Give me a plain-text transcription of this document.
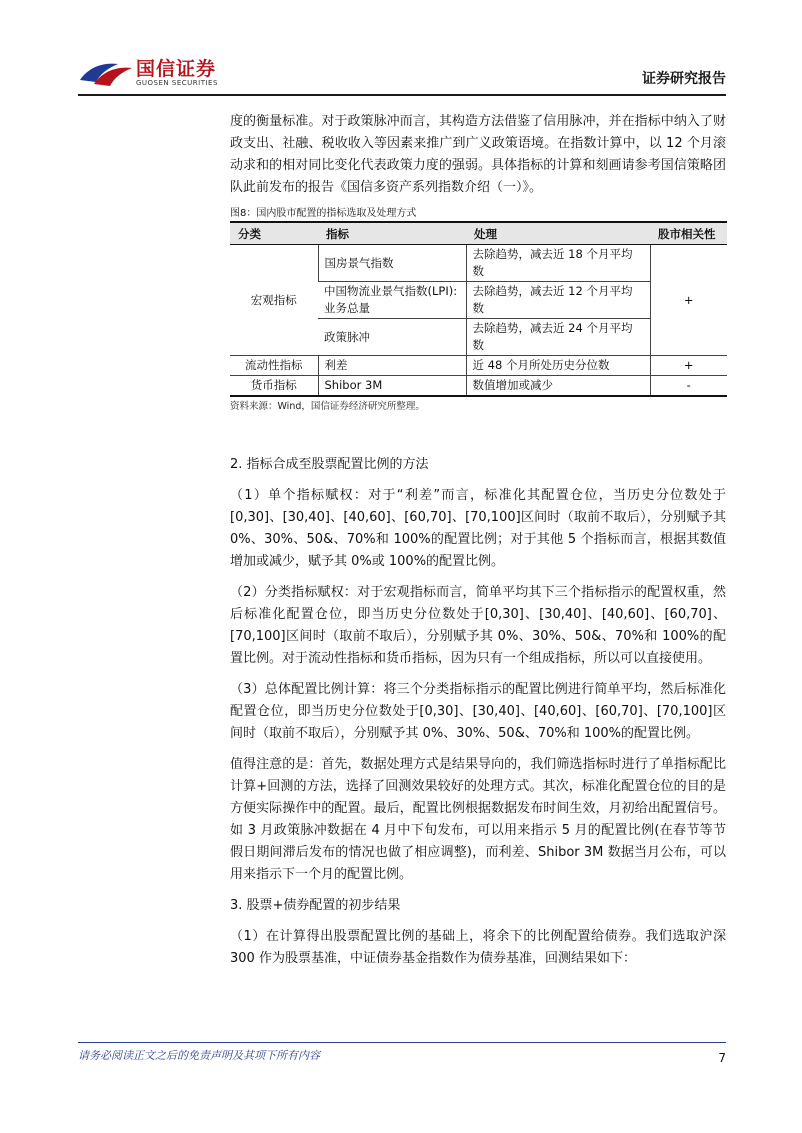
国信证券
GUOSEN SECURITIES	证券研究报告

度的衡量标准。对于政策脉冲而言，其构造方法借鉴了信用脉冲，并在指标中纳入了财政支出、社融、税收收入等因素来推广到广义政策语境。在指数计算中，以 12 个月滚动求和的相对同比变化代表政策力度的强弱。具体指标的计算和刻画请参考国信策略团队此前发布的报告《国信多资产系列指数介绍（一）》。

图8：国内股市配置的指标选取及处理方式

分类	指标	处理	股市相关性
宏观指标	国房景气指数	去除趋势，减去近 18 个月平均数	+
	中国物流业景气指数(LPI):业务总量	去除趋势，减去近 12 个月平均数	
	政策脉冲	去除趋势，减去近 24 个月平均数	
流动性指标	利差	近 48 个月所处历史分位数	+
货币指标	Shibor 3M	数值增加或减少	-

资料来源：Wind，国信证券经济研究所整理。

2. 指标合成至股票配置比例的方法

（1）单个指标赋权：对于“利差”而言，标准化其配置仓位，当历史分位数处于[0,30]、[30,40]、[40,60]、[60,70]、[70,100]区间时（取前不取后），分别赋予其 0%、30%、50&、70%和 100%的配置比例；对于其他 5 个指标而言，根据其数值增加或减少，赋予其 0%或 100%的配置比例。

（2）分类指标赋权：对于宏观指标而言，简单平均其下三个指标指示的配置权重，然后标准化配置仓位，即当历史分位数处于[0,30]、[30,40]、[40,60]、[60,70]、[70,100]区间时（取前不取后），分别赋予其 0%、30%、50&、70%和 100%的配置比例。对于流动性指标和货币指标，因为只有一个组成指标，所以可以直接使用。

（3）总体配置比例计算：将三个分类指标指示的配置比例进行简单平均，然后标准化配置仓位，即当历史分位数处于[0,30]、[30,40]、[40,60]、[60,70]、[70,100]区间时（取前不取后），分别赋予其 0%、30%、50&、70%和 100%的配置比例。

值得注意的是：首先，数据处理方式是结果导向的，我们筛选指标时进行了单指标配比计算+回测的方法，选择了回测效果较好的处理方式。其次，标准化配置仓位的目的是方便实际操作中的配置。最后，配置比例根据数据发布时间生效，月初给出配置信号。如 3 月政策脉冲数据在 4 月中下旬发布，可以用来指示 5 月的配置比例(在春节等节假日期间滞后发布的情况也做了相应调整)，而利差、Shibor 3M 数据当月公布，可以用来指示下一个月的配置比例。

3. 股票+债券配置的初步结果

（1）在计算得出股票配置比例的基础上，将余下的比例配置给债券。我们选取沪深 300 作为股票基准，中证债券基金指数作为债券基准，回测结果如下：

请务必阅读正文之后的免责声明及其项下所有内容	7
